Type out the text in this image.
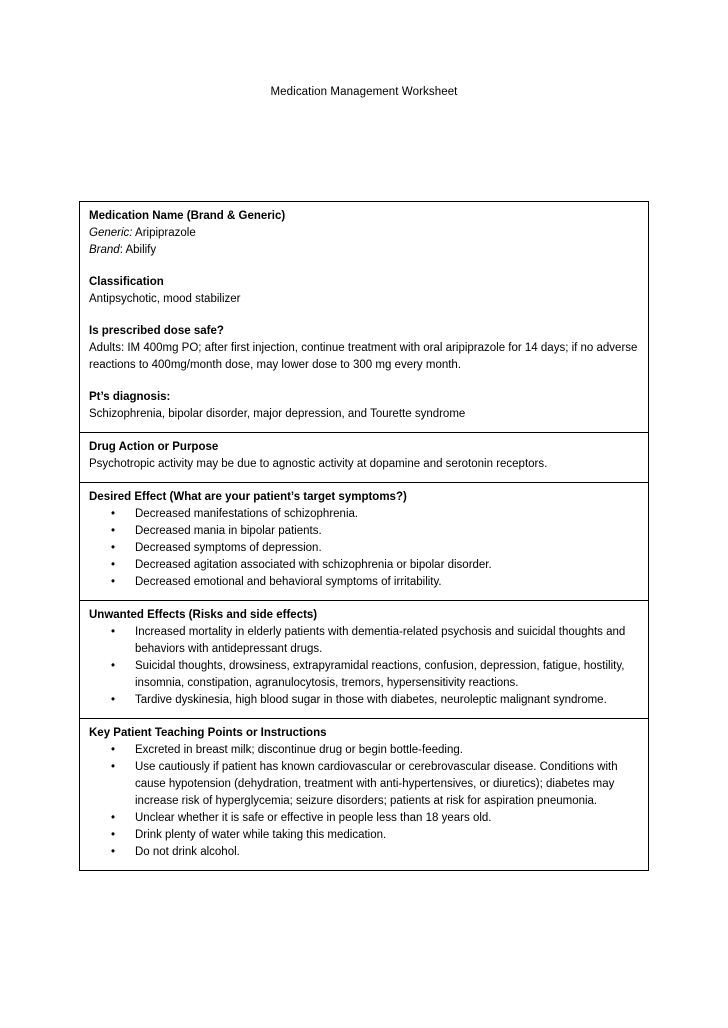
Medication Management Worksheet
Medication Name (Brand & Generic)
Generic: Aripiprazole
Brand: Abilify
Classification
Antipsychotic, mood stabilizer
Is prescribed dose safe?
Adults: IM 400mg PO; after first injection, continue treatment with oral aripiprazole for 14 days; if no adverse reactions to 400mg/month dose, may lower dose to 300 mg every month.
Pt’s diagnosis:
Schizophrenia, bipolar disorder, major depression, and Tourette syndrome
Drug Action or Purpose
Psychotropic activity may be due to agnostic activity at dopamine and serotonin receptors.
Desired Effect (What are your patient’s target symptoms?)
• Decreased manifestations of schizophrenia.
• Decreased mania in bipolar patients.
• Decreased symptoms of depression.
• Decreased agitation associated with schizophrenia or bipolar disorder.
• Decreased emotional and behavioral symptoms of irritability.
Unwanted Effects (Risks and side effects)
• Increased mortality in elderly patients with dementia-related psychosis and suicidal thoughts and behaviors with antidepressant drugs.
• Suicidal thoughts, drowsiness, extrapyramidal reactions, confusion, depression, fatigue, hostility, insomnia, constipation, agranulocytosis, tremors, hypersensitivity reactions.
• Tardive dyskinesia, high blood sugar in those with diabetes, neuroleptic malignant syndrome.
Key Patient Teaching Points or Instructions
• Excreted in breast milk; discontinue drug or begin bottle-feeding.
• Use cautiously if patient has known cardiovascular or cerebrovascular disease. Conditions with cause hypotension (dehydration, treatment with anti-hypertensives, or diuretics); diabetes may increase risk of hyperglycemia; seizure disorders; patients at risk for aspiration pneumonia.
• Unclear whether it is safe or effective in people less than 18 years old.
• Drink plenty of water while taking this medication.
• Do not drink alcohol.
